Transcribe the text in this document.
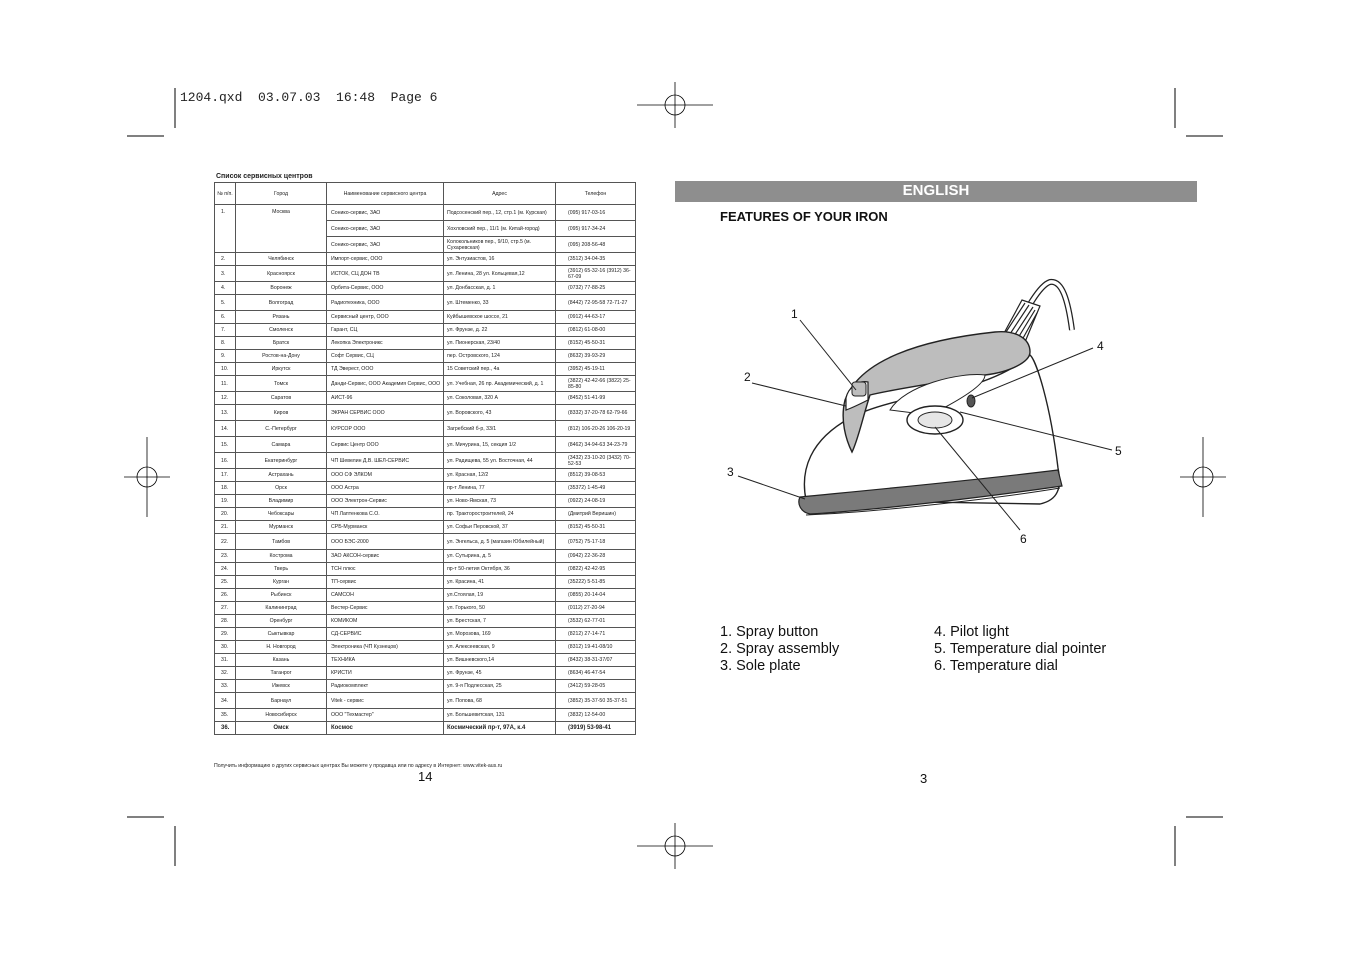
1204.qxd  03.07.03  16:48  Page 6
Список сервисных центров
№ п/п.	Город	Наименование сервисного центра	Адрес	Телефон
1.	Москва	Сонико-сервис, ЗАО	Подсосенский пер., 12, стр.1 (м. Курская)	(095) 917-03-16
		Сонико-сервис, ЗАО	Хохловский пер., 11/1 (м. Китай-город)	(095) 917-34-24
		Сонико-сервис, ЗАО	Колокольников пер., 9/10, стр.5 (м. Сухаревская)	(095) 208-56-48
2.	Челябинск	Импорт-сервис, ООО	ул. Энтузиастов, 16	(3512) 34-04-35
3.	Красноярск	ИСТОК, СЦ ДОН ТВ	ул. Ленина, 28 ул. Кольцевая,12	(3912) 65-32-16 (3912) 36-67-09
4.	Воронеж	Орбита-Сервис, ООО	ул. Донбасская, д. 1	(0732) 77-88-25
5.	Волгоград	Радиотехника, ООО	ул. Штеменко, 33	(8442) 72-95-58 72-71-27
6.	Рязань	Сервисный центр, ООО	Куйбышевское шоссе, 21	(0912) 44-63-17
7.	Смоленск	Гарант, СЦ	ул. Фрунзе, д. 22	(0812) 61-08-00
8.	Братск	Лекопка Электроникс	ул. Пионерская, 23/40	(8152) 45-50-31
9.	Ростов-на-Дону	Софт Сервис, СЦ	пер. Островского, 124	(8632) 39-93-29
10.	Иркутск	ТД Эверест, ООО	15 Советский пер., 4а	(3952) 45-19-11
11.	Томск	Данди-Сервис, ООО Академия Сервис, ООО	ул. Учебная, 26 пр. Академический, д. 1	(3822) 42-42-66 (3822) 25-85-80
12.	Саратов	АИСТ-96	ул. Соколовая, 320 А	(8452) 51-41-99
13.	Киров	ЭКРАН СЕРВИС ООО	ул. Воровского, 43	(8332) 37-20-78 62-79-66
14.	С.-Петербург	КУРСОР ООО	Загребский б-р, 33/1	(812) 106-20-26 106-20-19
15.	Самара	Сервис Центр ООО	ул. Мичурина, 15, секция 1/2	(8462) 34-94-63 34-23-79
16.	Екатеринбург	ЧП Шевелин Д.В. ШЕЛ-СЕРВИС	ул. Радищева, 55 ул. Восточная, 44	(3432) 23-10-20 (3432) 70-52-53
17.	Астрахань	ООО СФ ЭЛКОМ	ул. Красная, 12/2	(8512) 39-08-53
18.	Орск	ООО Астра	пр-т Ленина, 77	(35372) 1-45-49
19.	Владимир	ООО Электрон-Сервис	ул. Ново-Ямская, 73	(0922) 24-08-19
20.	Чебоксары	ЧП Лаптенкова С.О.	пр. Тракторостроителей, 24	(Дмитрий Веришин)
21.	Мурманск	СРБ-Мурманск	ул. Софьи Перовской, 37	(8152) 45-50-31
22.	Тамбов	ООО БЭС-2000	ул. Энгельса, д. 5 (магазин Юбилейный)	(0752) 75-17-18
23.	Кострома	ЗАО АКСОН-сервис	ул. Сутырина, д. 5	(0942) 22-36-28
24.	Тверь	ТСН плюс	пр-т 50-летия Октября, 36	(0822) 42-42-95
25.	Курган	ТП-сервис	ул. Красина, 41	(35222) 5-51-85
26.	Рыбинск	САМСОН	ул.Стоялая, 19	(0855) 20-14-04
27.	Калининград	Вестер-Сервис	ул. Горького, 50	(0112) 27-20-94
28.	Оренбург	КОМИКОМ	ул. Брестская, 7	(3532) 62-77-01
29.	Сыктывкар	СД-СЕРВИС	ул. Морозова, 169	(8212) 27-14-71
30.	Н. Новгород	Электроника (ЧП Кузнецов)	ул. Алексеевская, 9	(8312) 19-41-08/10
31.	Казань	ТЕХНИКА	ул. Вишневского,14	(8432) 38-31-37/07
32.	Таганрог	КРИСТИ	ул. Фрунзе, 45	(8634) 46-47-54
33.	Ижевск	Радиокомплект	ул. 9-я Подлесская, 25	(3412) 59-28-05
34.	Барнаул	Vitek - сервис	ул. Попова, 68	(3852) 35-37-50 35-37-51
35.	Новосибирск	ООО "Техмастер"	ул. Большевитская, 131	(3832) 12-54-00
36.	Омск	Космос	Космический пр-т, 97А, к.4	(3919) 53-98-41
Получить информацию о других сервисных центрах Вы можете у продавца или по адресу в Интернет: www.vitek-aus.ru
14
ENGLISH
FEATURES OF YOUR IRON
1
2
3
4
5
6
1. Spray button
2. Spray assembly
3. Sole plate
4. Pilot light
5. Temperature dial pointer
6. Temperature dial
3
